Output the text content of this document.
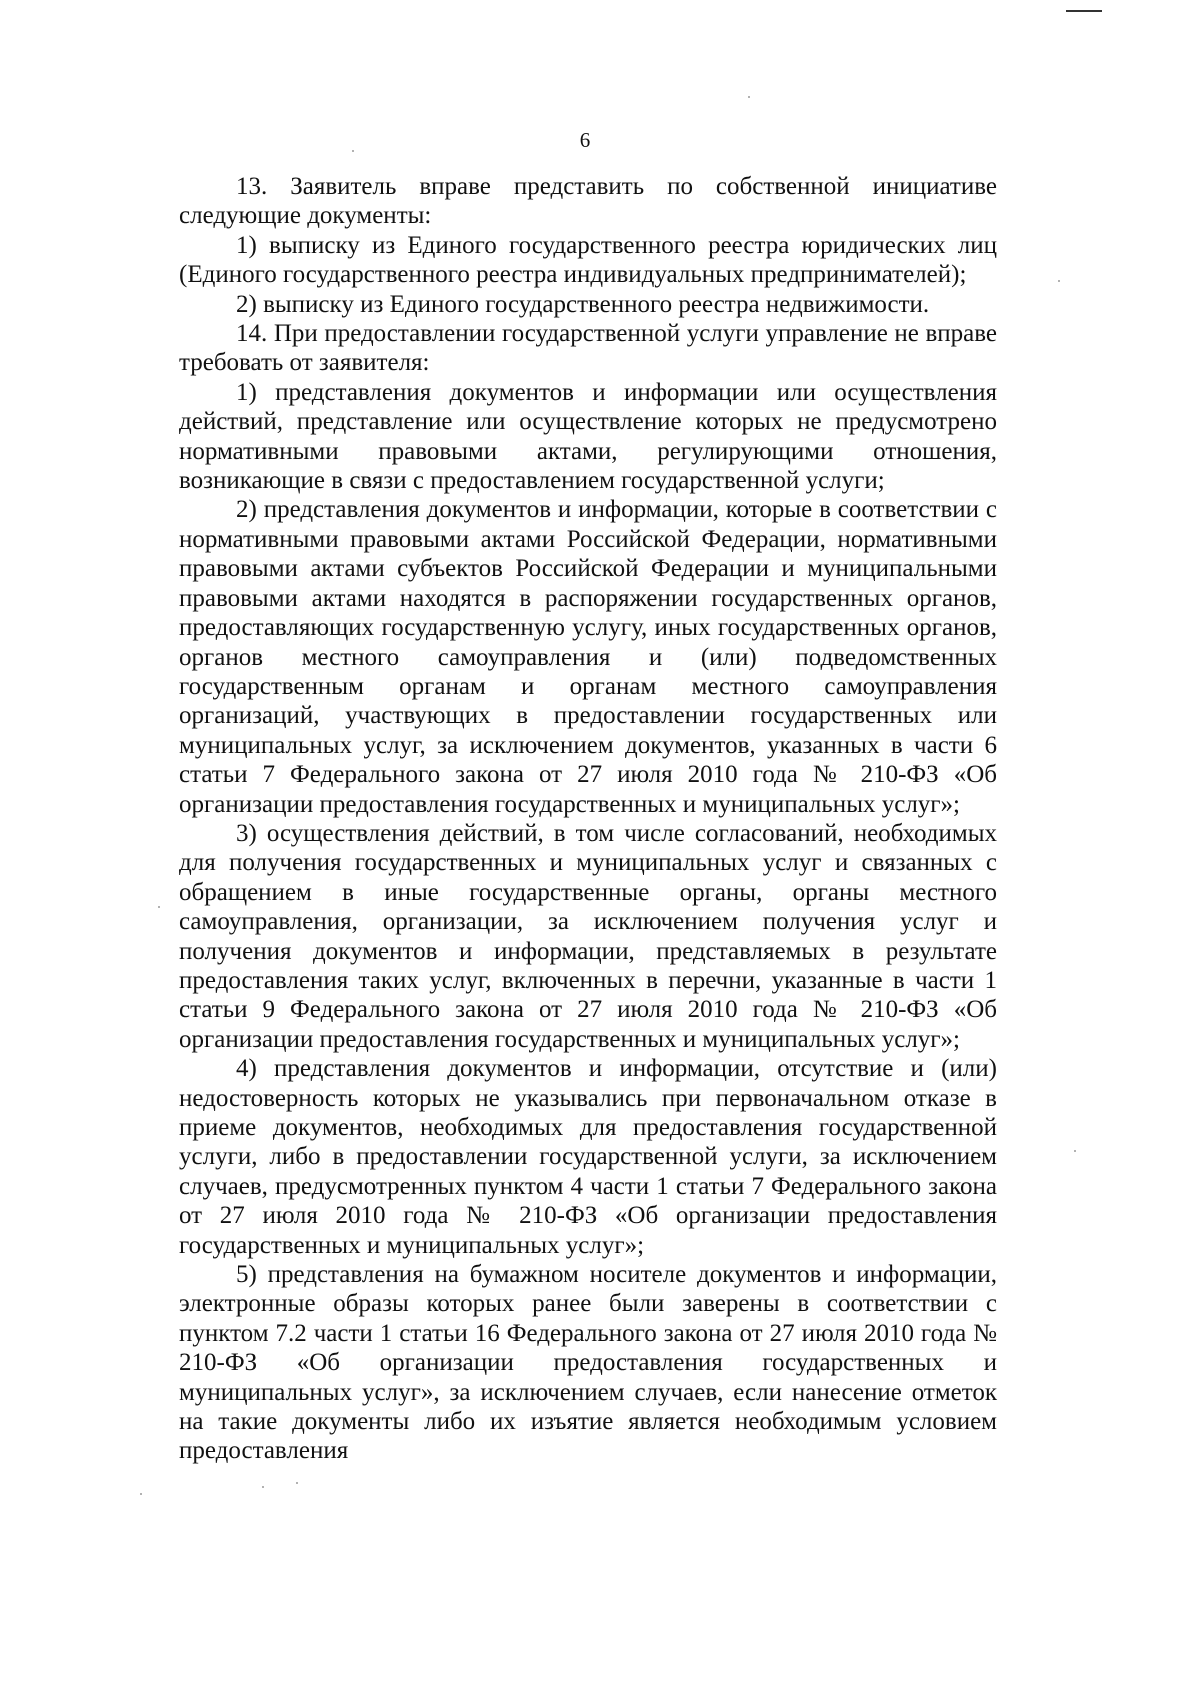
6

13. Заявитель вправе представить по собственной инициативе следующие документы:

1) выписку из Единого государственного реестра юридических лиц (Единого государственного реестра индивидуальных предпринимателей);

2) выписку из Единого государственного реестра недвижимости.

14. При предоставлении государственной услуги управление не вправе требовать от заявителя:

1) представления документов и информации или осуществления действий, представление или осуществление которых не предусмотрено нормативными правовыми актами, регулирующими отношения, возникающие в связи с предоставлением государственной услуги;

2) представления документов и информации, которые в соответствии с нормативными правовыми актами Российской Федерации, нормативными правовыми актами субъектов Российской Федерации и муниципальными правовыми актами находятся в распоряжении государственных органов, предоставляющих государственную услугу, иных государственных органов, органов местного самоуправления и (или) подведомственных государственным органам и органам местного самоуправления организаций, участвующих в предоставлении государственных или муниципальных услуг, за исключением документов, указанных в части 6 статьи 7 Федерального закона от 27 июля 2010 года № 210-ФЗ «Об организации предоставления государственных и муниципальных услуг»;

3) осуществления действий, в том числе согласований, необходимых для получения государственных и муниципальных услуг и связанных с обращением в иные государственные органы, органы местного самоуправления, организации, за исключением получения услуг и получения документов и информации, представляемых в результате предоставления таких услуг, включенных в перечни, указанные в части 1 статьи 9 Федерального закона от 27 июля 2010 года № 210-ФЗ «Об организации предоставления государственных и муниципальных услуг»;

4) представления документов и информации, отсутствие и (или) недостоверность которых не указывались при первоначальном отказе в приеме документов, необходимых для предоставления государственной услуги, либо в предоставлении государственной услуги, за исключением случаев, предусмотренных пунктом 4 части 1 статьи 7 Федерального закона от 27 июля 2010 года № 210-ФЗ «Об организации предоставления государственных и муниципальных услуг»;

5) представления на бумажном носителе документов и информации, электронные образы которых ранее были заверены в соответствии с пунктом 7.2 части 1 статьи 16 Федерального закона от 27 июля 2010 года № 210-ФЗ «Об организации предоставления государственных и муниципальных услуг», за исключением случаев, если нанесение отметок на такие документы либо их изъятие является необходимым условием предоставления
